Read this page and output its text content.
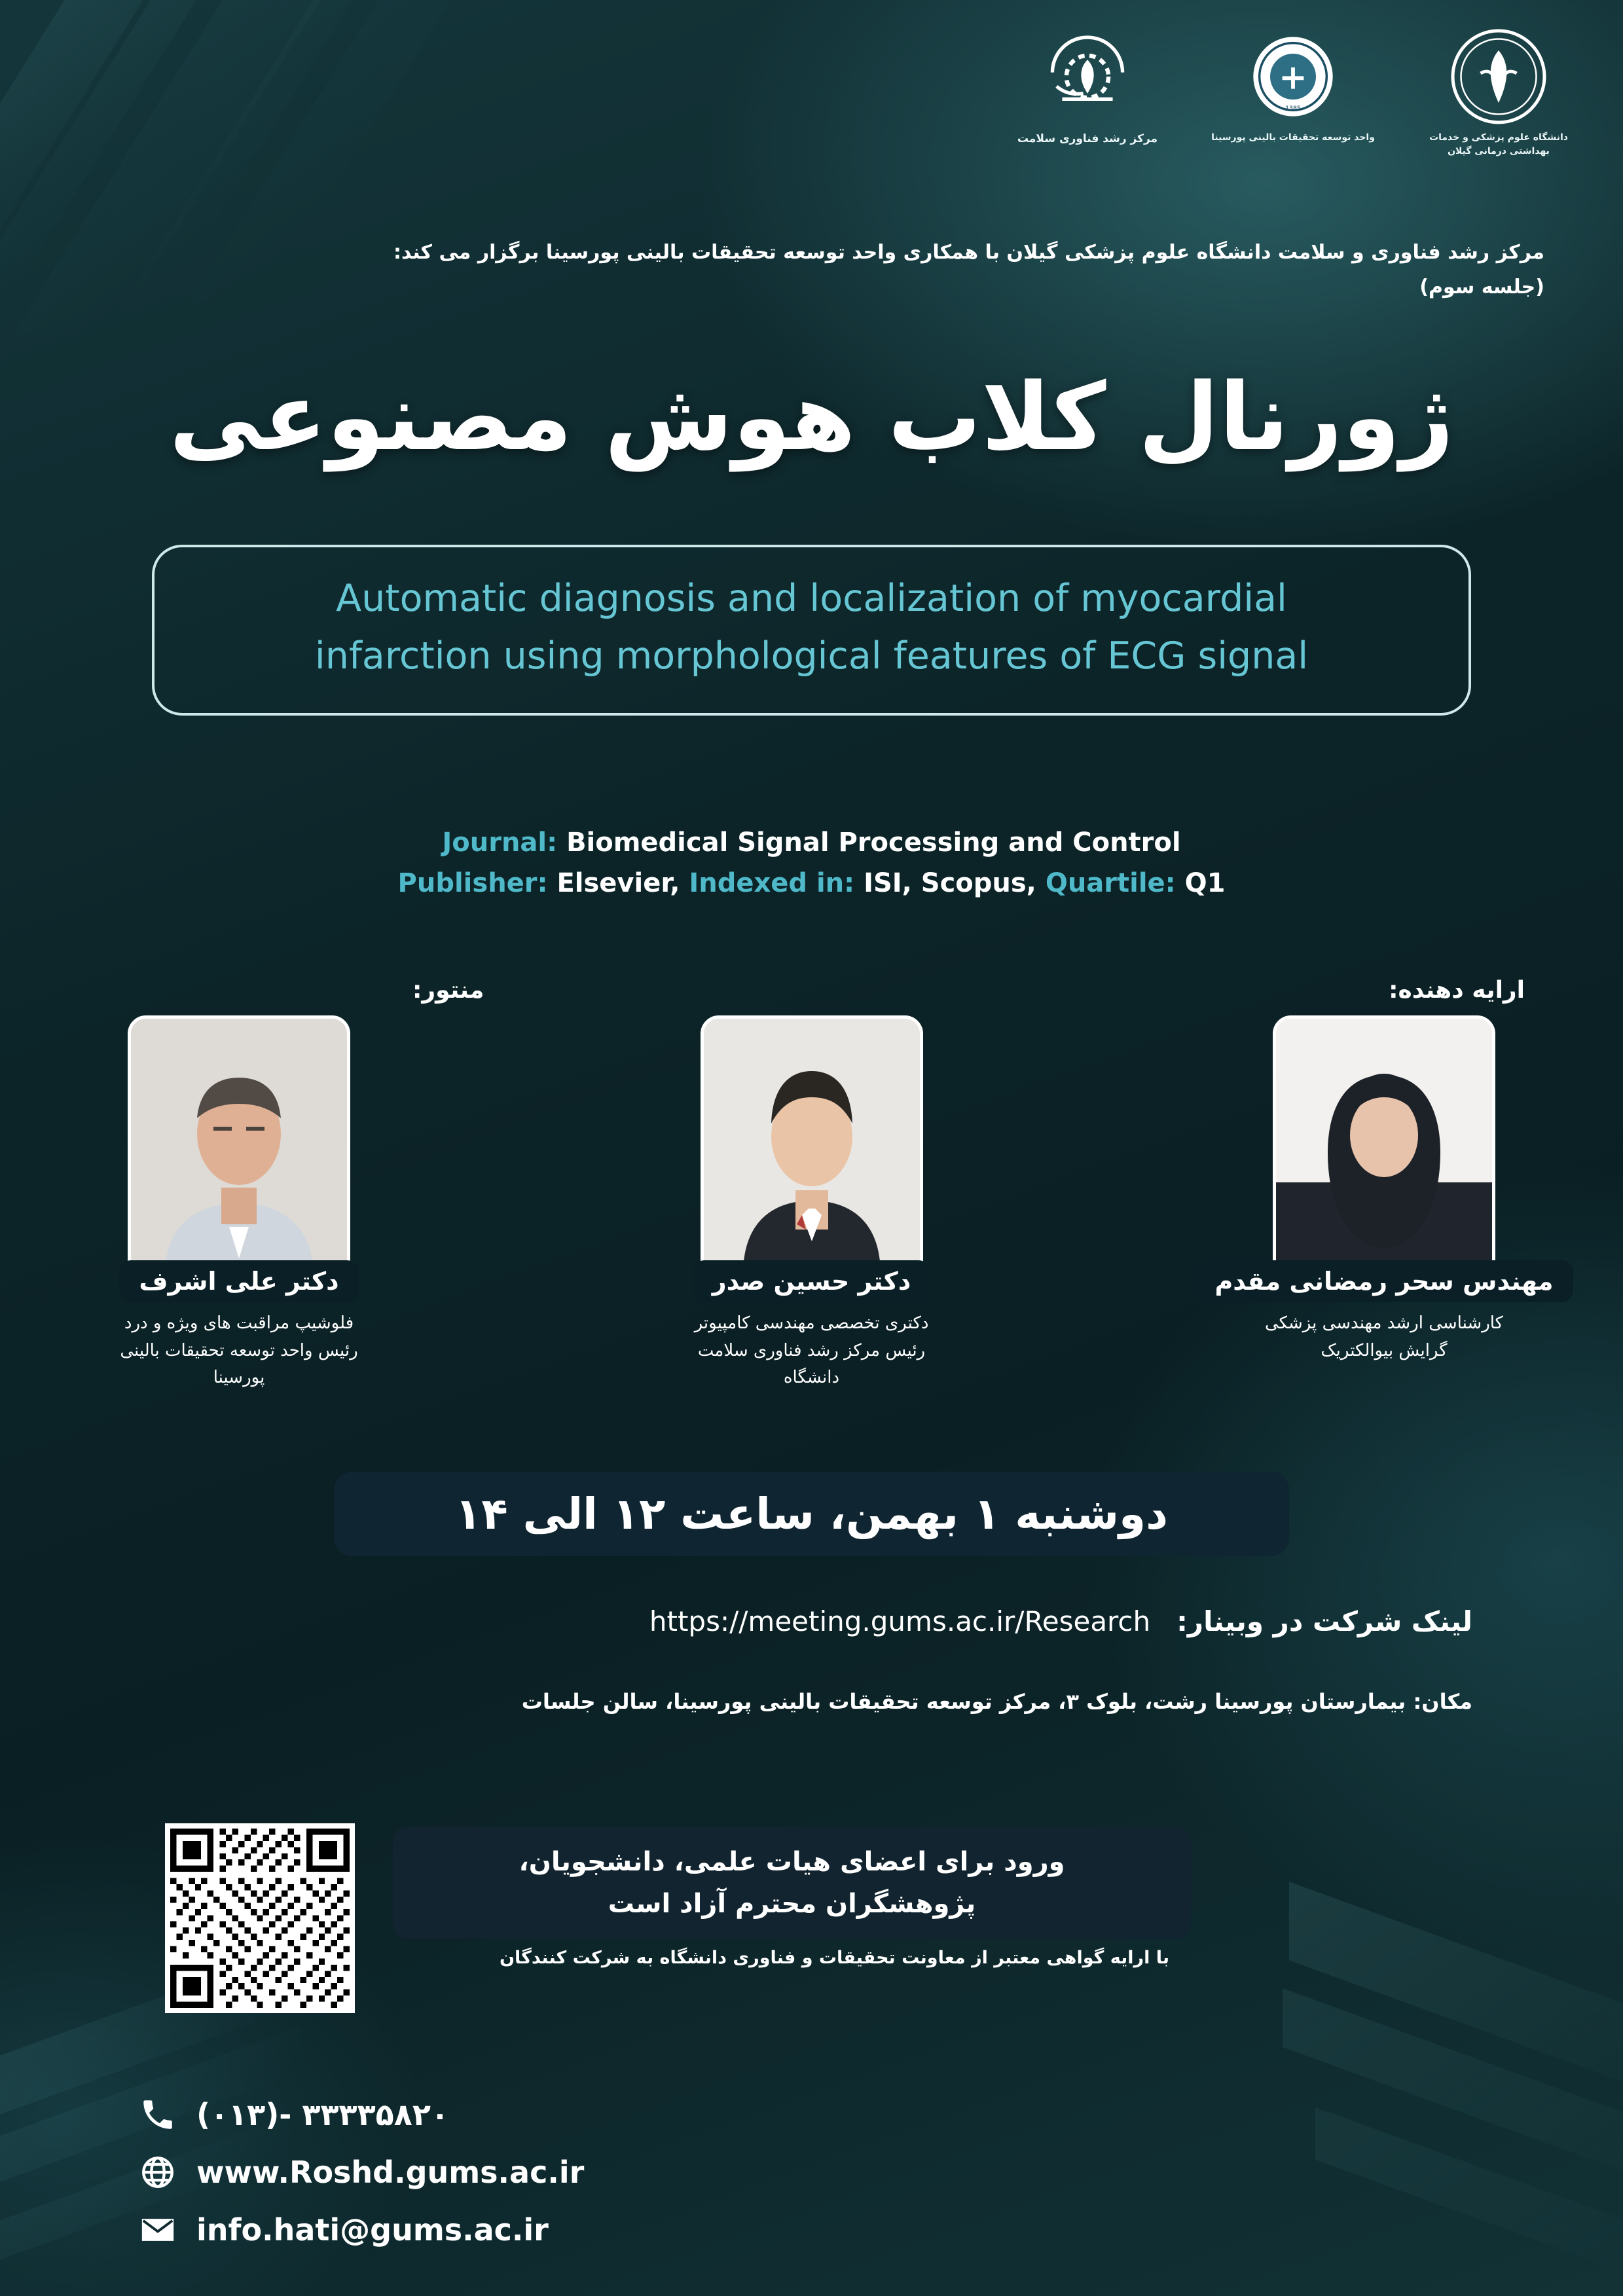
دانشگاه علوم پزشکی و خدمات بهداشتی درمانی گیلان
1385
واحد توسعه تحقیقات بالینی پورسینا
مرکز رشد فناوری سلامت
مرکز رشد فناوری و سلامت دانشگاه علوم پزشکی گیلان با همکاری واحد توسعه تحقیقات بالینی پورسینا برگزار می کند:
(جلسه سوم)
ژورنال کلاب هوش مصنوعی
Automatic diagnosis and localization of myocardial
infarction using morphological features of ECG signal
Journal: Biomedical Signal Processing and Control
Publisher: Elsevier, Indexed in: ISI, Scopus, Quartile: Q1
ارایه دهنده:
منتور:
مهندس سحر رمضانی مقدم
کارشناسی ارشد مهندسی پزشکی
گرایش بیوالکتریک
دکتر حسین صدر
دکتری تخصصی مهندسی کامپیوتر
رئیس مرکز رشد فناوری سلامت دانشگاه
دکتر علی اشرف
فلوشیپ مراقبت های ویژه و درد
رئیس واحد توسعه تحقیقات بالینی پورسینا
دوشنبه ۱ بهمن، ساعت ۱۲ الی ۱۴
لینک شرکت در وبینار:
https://meeting.gums.ac.ir/Research
مکان: بیمارستان پورسینا رشت، بلوک ۳، مرکز توسعه تحقیقات بالینی پورسینا، سالن جلسات
ورود برای اعضای هیات علمی، دانشجویان،
پژوهشگران محترم آزاد است
با ارایه گواهی معتبر از معاونت تحقیقات و فناوری دانشگاه به شرکت کنندگان
(۰۱۳)- ۳۳۳۳۵۸۲۰
www.Roshd.gums.ac.ir
info.hati@gums.ac.ir
